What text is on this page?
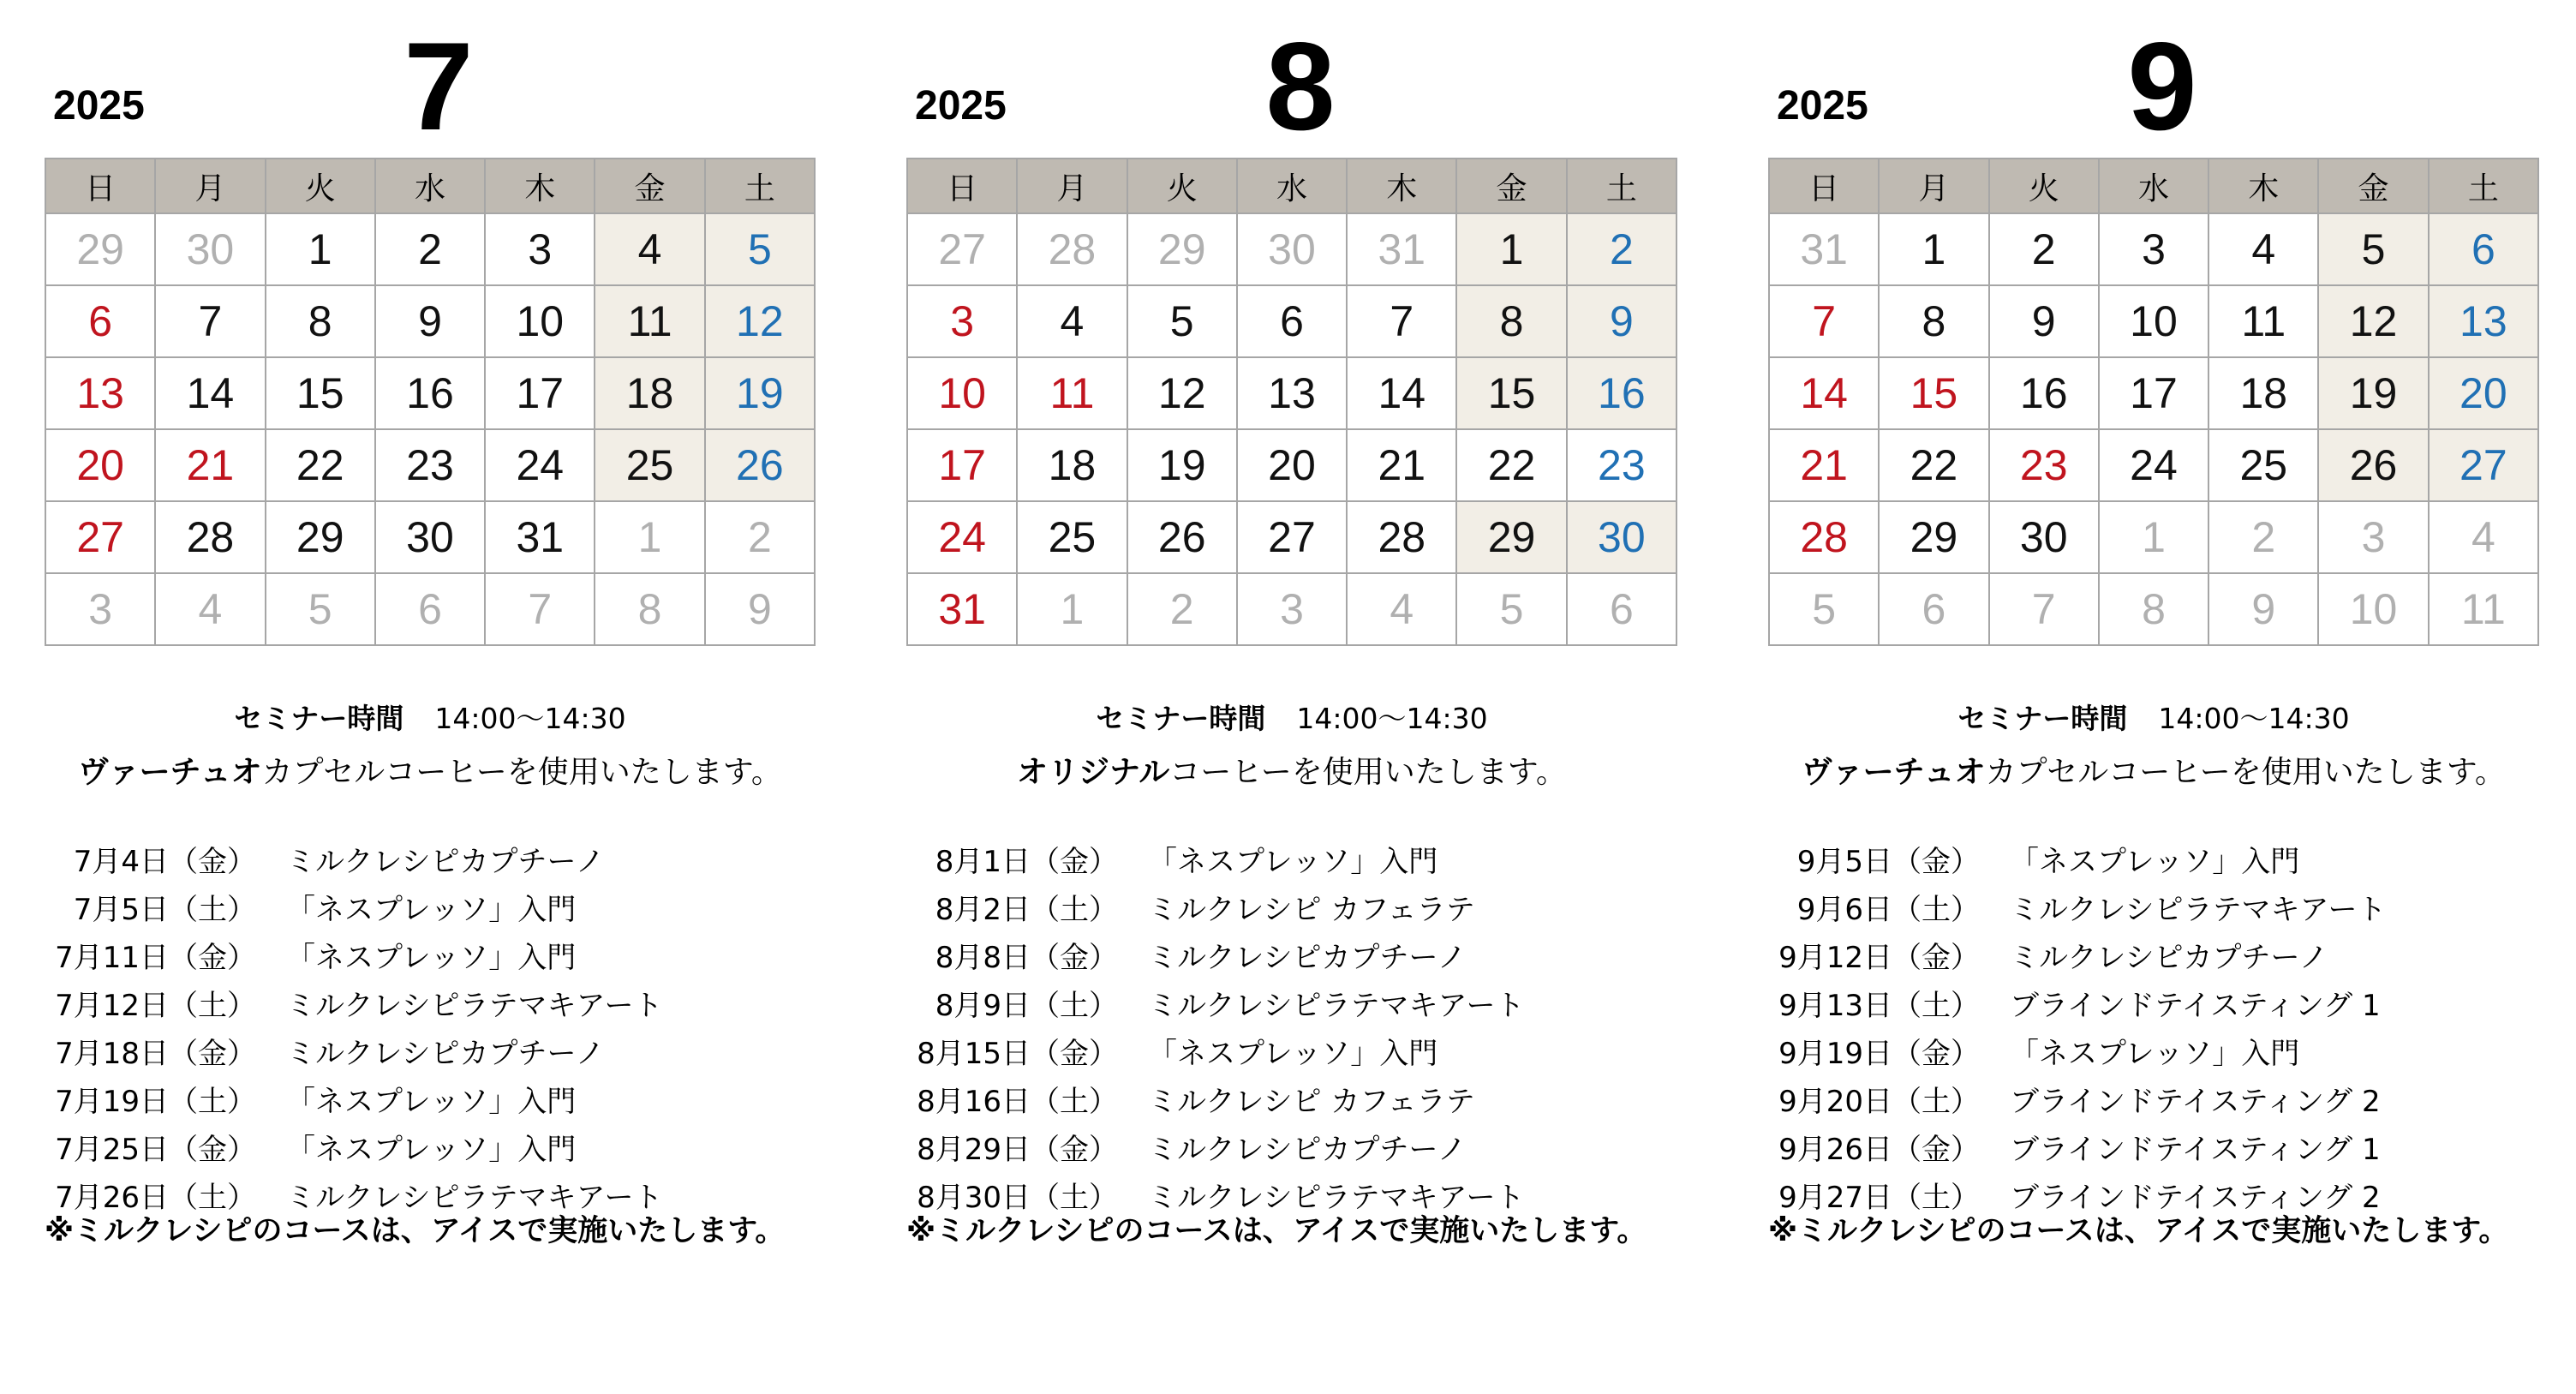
2025 7
日	月	火	水	木	金	土
29	30	1	2	3	4	5
6	7	8	9	10	11	12
13	14	15	16	17	18	19
20	21	22	23	24	25	26
27	28	29	30	31	1	2
3	4	5	6	7	8	9
セミナー時間 14:00〜14:30
ヴァーチュオカプセルコーヒーを使用いたします。
7月4日（金） ミルクレシピカプチーノ
7月5日（土） 「ネスプレッソ」入門
7月11日（金） 「ネスプレッソ」入門
7月12日（土） ミルクレシピラテマキアート
7月18日（金） ミルクレシピカプチーノ
7月19日（土） 「ネスプレッソ」入門
7月25日（金） 「ネスプレッソ」入門
7月26日（土） ミルクレシピラテマキアート
※ミルクレシピのコースは、アイスで実施いたします。
2025 8
日	月	火	水	木	金	土
27	28	29	30	31	1	2
3	4	5	6	7	8	9
10	11	12	13	14	15	16
17	18	19	20	21	22	23
24	25	26	27	28	29	30
31	1	2	3	4	5	6
セミナー時間 14:00〜14:30
オリジナルコーヒーを使用いたします。
8月1日（金） 「ネスプレッソ」入門
8月2日（土） ミルクレシピ カフェラテ
8月8日（金） ミルクレシピカプチーノ
8月9日（土） ミルクレシピラテマキアート
8月15日（金） 「ネスプレッソ」入門
8月16日（土） ミルクレシピ カフェラテ
8月29日（金） ミルクレシピカプチーノ
8月30日（土） ミルクレシピラテマキアート
※ミルクレシピのコースは、アイスで実施いたします。
2025 9
日	月	火	水	木	金	土
31	1	2	3	4	5	6
7	8	9	10	11	12	13
14	15	16	17	18	19	20
21	22	23	24	25	26	27
28	29	30	1	2	3	4
5	6	7	8	9	10	11
セミナー時間 14:00〜14:30
ヴァーチュオカプセルコーヒーを使用いたします。
9月5日（金） 「ネスプレッソ」入門
9月6日（土） ミルクレシピラテマキアート
9月12日（金） ミルクレシピカプチーノ
9月13日（土） ブラインドテイスティング 1
9月19日（金） 「ネスプレッソ」入門
9月20日（土） ブラインドテイスティング 2
9月26日（金） ブラインドテイスティング 1
9月27日（土） ブラインドテイスティング 2
※ミルクレシピのコースは、アイスで実施いたします。
